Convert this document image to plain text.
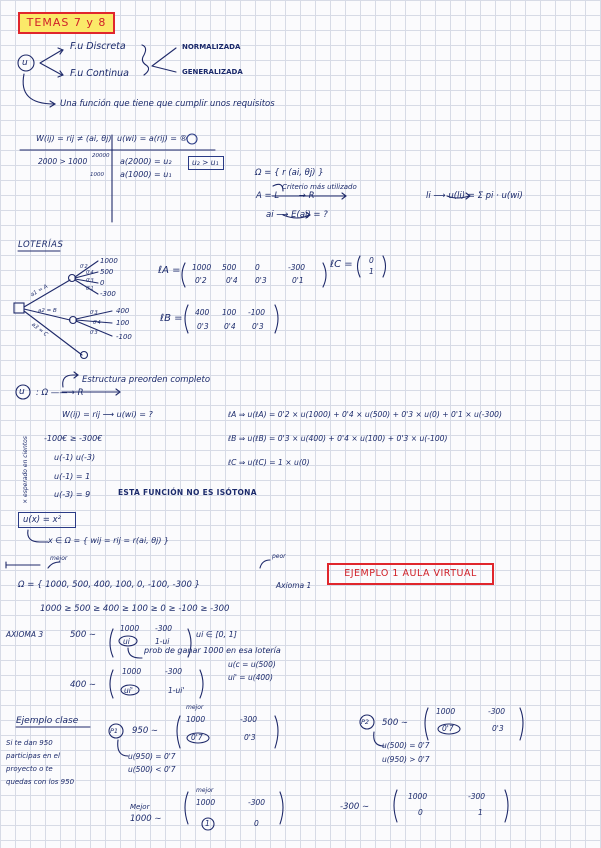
TEMAS 7 y 8
u
F.u Discreta
F.u Continua
NORMALIZADA
GENERALIZADA
Una función que tiene que cumplir unos requisitos
W(ij) = rij ≠ (ai, θj) u(wi) = a(rij) = ®
2000 > 1000
20000
a(2000) = u₂	u₂ > u₁
1000 a(1000) = u₁	Ω = { r (ai, θj) }
Criterio más utilizado
A = L ——→ R
ai ⟶ E(ai) = ?
li ⟶ u(li) = Σ pi · u(wi)
LOTERÍAS
1000
500
0
-300
0'2
0'4
0'3
0'1
a1 = A
a2 = B
a3 = C
400
100
-100
0'3
0'4
0'3
ℓA = 1000 500 0	-300
0'2	0'4 0'3	0'1
ℓB =
400 100 -100
0'3 0'4 0'3
ℓC = 0
1
u
Estructura preorden completo
: Ω ——→ R
W(ij) = rij ⟶ u(wi) = ?
× esperado en cientos -100€ ≥ -300€
u(-1) u(-3)
u(-1) = 1
u(-3) = 9	ESTA FUNCIÓN NO ES ISÓTONA
ℓA ⇒ u(ℓA) = 0'2 × u(1000) + 0'4 × u(500) + 0'3 × u(0) + 0'1 × u(-300)
ℓB ⇒ u(ℓB) = 0'3 × u(400) + 0'4 × u(100) + 0'3 × u(-100)
ℓC ⇒ u(ℓC) = 1 × u(0)
u(x) = x²
x ∈ Ω = { wij = rij = r(ai, θj) }
mejor	peor
Ω = { 1000, 500, 400, 100, 0, -100, -300 }	Axioma 1
EJEMPLO 1 AULA VIRTUAL
1000 ≥ 500 ≥ 400 ≥ 100 ≥ 0 ≥ -100 ≥ -300
AXIOMA 3	500 ∼
1000 -300
ui	1-ui
ui ∈ [0, 1]
prob de ganar 1000 en esa lotería
u(c = u(500)
ui' = u(400)
400 ∼
1000	-300
ui'	1-ui'
Ejemplo clase
Si te dan 950
participas en el
proyecto o te
quedas con los 950
P1 950 ∼
mejor
1000	-300
0'7	0'3
u(950) = 0'7
u(500) < 0'7
P2 500 ∼
1000	-300
0'7	0'3
u(500) = 0'7
u(950) > 0'7
mejor
Mejor
1000 ∼
1000	-300
1	0
-300 ∼
1000	-300
0	1
